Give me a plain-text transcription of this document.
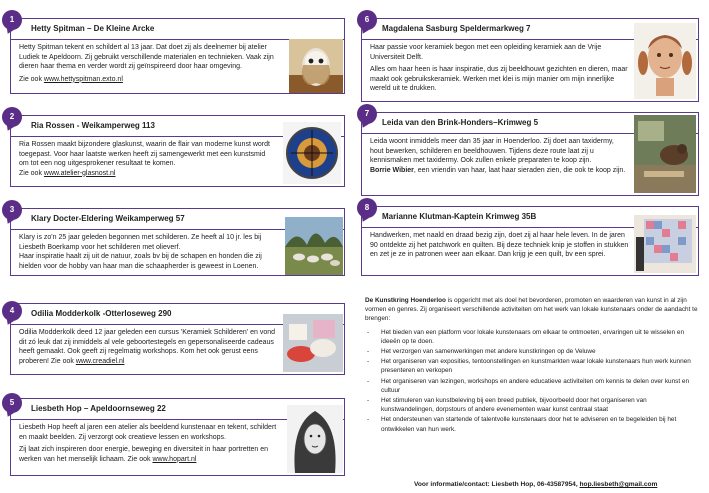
Hetty Spitman – De Kleine Arcke

Hetty Spitman tekent en schildert al 13 jaar. Dat doet zij als deelnemer bij atelier Ludiek te Apeldoorn. Zij gebruikt verschillende materialen en technieken. Vaak zijn dieren haar thema en verder wordt zij geïnspireerd door haar omgeving.

Zie ook www.hettyspitman.exto.nl

1
Ria Rossen - Weikamperweg 113

Ria Rossen maakt bijzondere glaskunst, waarin de flair van moderne kunst wordt toegepast. Voor haar laatste werken heeft zij samengewerkt met een kunstsmid om tot een nog uitgesprokener resultaat te komen.

Zie ook www.atelier-glasnost.nl

2
Klary Docter-Eldering Weikamperweg 57

Klary is zo'n 25 jaar geleden begonnen met schilderen. Ze heeft al 10 jr. les bij Liesbeth Boerkamp voor het schilderen met olieverf.

Haar inspiratie haalt zij uit de natuur, zoals bv bij de schapen en honden die zij hielden voor de hobby van haar man die schaapherder is geweest in Loenen.

3
Odilia Modderkolk -Otterloseweg 290

Odilia Modderkolk deed 12 jaar geleden een cursus 'Keramiek Schilderen' en vond dit zó leuk dat zij inmiddels al vele geboortestegels en gepersonaliseerde cadeaus heeft gemaakt. Ook geeft zij regelmatig workshops. Kom het ook gerust eens proberen! Zie ook www.creadiel.nl

4
Liesbeth Hop – Apeldoornseweg 22

Liesbeth Hop heeft al jaren een atelier als beeldend kunstenaar en tekent, schildert en maakt beelden. Zij verzorgt ook creatieve lessen en workshops.

Zij laat zich inspireren door energie, beweging en diversiteit in haar portretten en werken van het menselijk lichaam. Zie ook www.hopart.nl

5
Magdalena Sasburg Speldermarkweg 7

Haar passie voor keramiek begon met een opleiding keramiek aan de Vrije Universiteit Delft.

Alles om haar heen is haar inspiratie, dus zij beeldhouwt gezichten en dieren, maar maakt ook gebruikskeramiek. Werken met klei is mijn manier om mijn innerlijke wereld uit te drukken.

6
Leida van den Brink-Honders–Krimweg 5

Leida woont inmiddels meer dan 35 jaar in Hoenderloo. Zij doet aan taxidermy, hout bewerken, schilderen en beeldhouwen. Tijdens deze route laat zij u kennismaken met taxidermy. Ook zullen enkele preparaten te koop zijn.

Borrie Wibier, een vriendin van haar, laat haar sieraden zien, die ook te koop zijn.

7
Marianne Klutman-Kaptein Krimweg 35B

Handwerken, met naald en draad bezig zijn, doet zij al haar hele leven. In de jaren 90 ontdekte zij het patchwork en quilten. Bij deze techniek knip je stoffen in stukken en zet je ze in patronen weer aan elkaar. Dan krijg je een quilt, bv een sprei.

8
De Kunstkring Hoenderloo is opgericht met als doel het bevorderen, promoten en waarderen van kunst in al zijn vormen en genres. Zij organiseert verschillende activiteiten om het werk van lokale kunstenaars onder de aandacht te brengen:
- Het bieden van een platform voor lokale kunstenaars om elkaar te ontmoeten, ervaringen uit te wisselen en ideeën op te doen.
- Het verzorgen van samenwerkingen met andere kunstkringen op de Veluwe
- Het organiseren van exposities, tentoonstellingen en kunstmarkten waar lokale kunstenaars hun werk kunnen presenteren en verkopen
- Het organiseren van lezingen, workshops en andere educatieve activiteiten om kennis te delen over kunst en cultuur
- Het stimuleren van kunstbeleving bij een breed publiek, bijvoorbeeld door het organiseren van kunstwandelingen, dorpstours of andere evenementen waar kunst centraal staat
- Het ondersteunen van startende of talentvolle kunstenaars door het te adviseren en te begeleiden bij het ontwikkelen van hun werk.
Voor informatie/contact: Liesbeth Hop, 06-43587954, hop.liesbeth@gmail.com
